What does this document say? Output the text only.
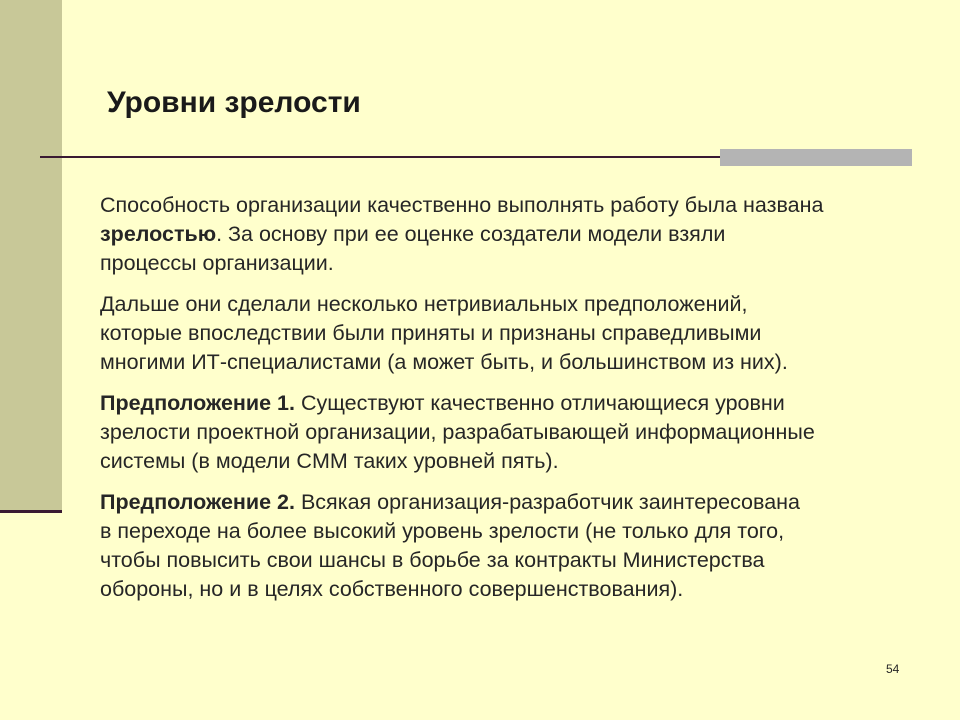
Уровни зрелости

Способность организации качественно выполнять работу была названа
зрелостью. За основу при ее оценке создатели модели взяли
процессы организации.

Дальше они сделали несколько нетривиальных предположений,
которые впоследствии были приняты и признаны справедливыми
многими ИТ-специалистами (а может быть, и большинством из них).

Предположение 1. Существуют качественно отличающиеся уровни
зрелости проектной организации, разрабатывающей информационные
системы (в модели CMM таких уровней пять).

Предположение 2. Всякая организация-разработчик заинтересована
в переходе на более высокий уровень зрелости (не только для того,
чтобы повысить свои шансы в борьбе за контракты Министерства
обороны, но и в целях собственного совершенствования).

54
